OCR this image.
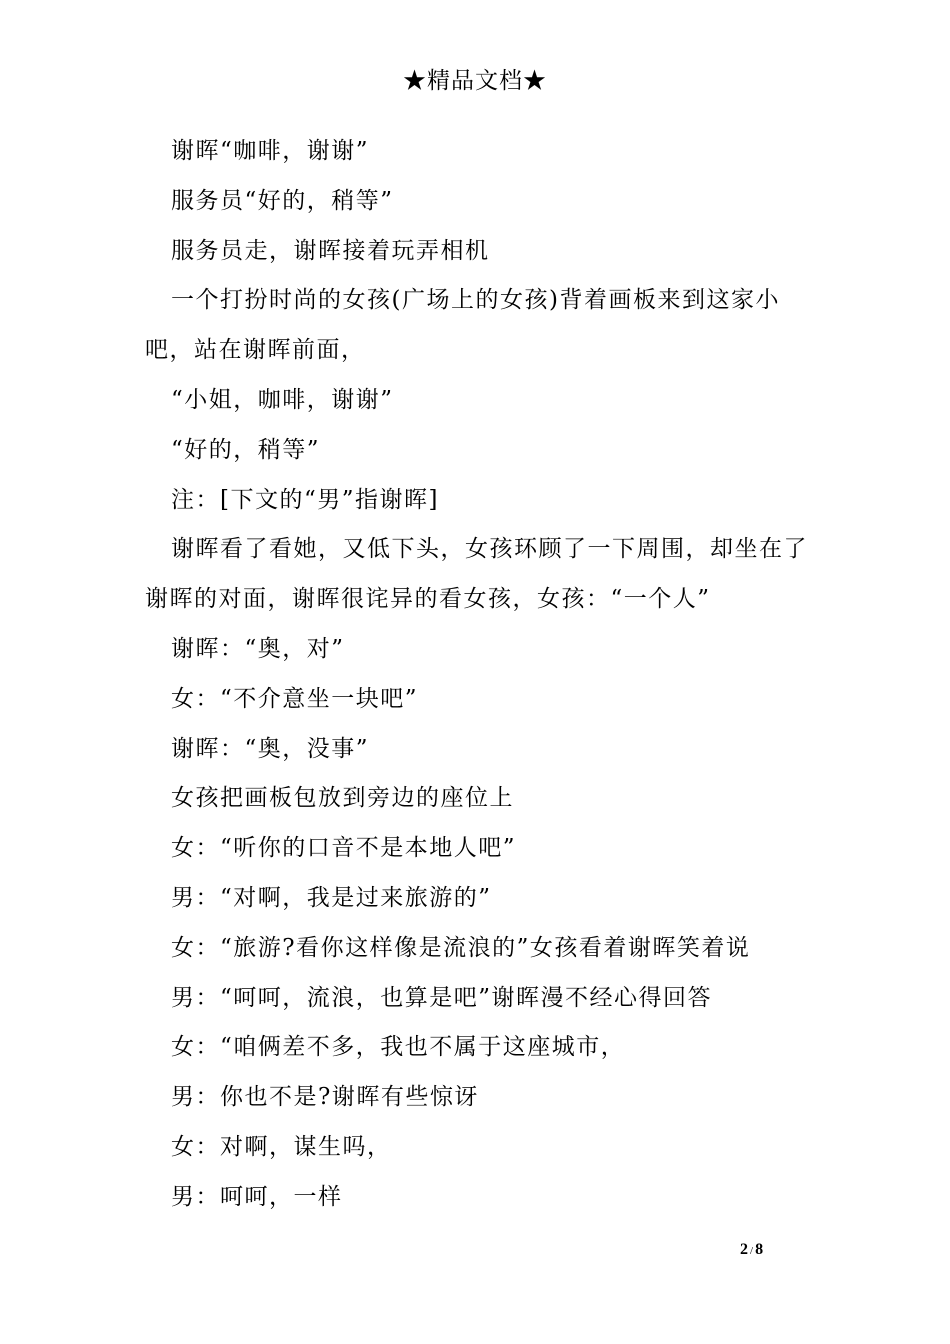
★精品文档★

谢晖“咖啡，谢谢”

服务员“好的，稍等”

服务员走，谢晖接着玩弄相机

一个打扮时尚的女孩(广场上的女孩)背着画板来到这家小吧，站在谢晖前面，

“小姐，咖啡，谢谢”

“好的，稍等”

注：[下文的“男”指谢晖]

谢晖看了看她，又低下头，女孩环顾了一下周围，却坐在了谢晖的对面，谢晖很诧异的看女孩，女孩：“一个人”

谢晖：“奥，对”

女：“不介意坐一块吧”

谢晖：“奥，没事”

女孩把画板包放到旁边的座位上

女：“听你的口音不是本地人吧”

男：“对啊，我是过来旅游的”

女：“旅游?看你这样像是流浪的”女孩看着谢晖笑着说

男：“呵呵，流浪，也算是吧”谢晖漫不经心得回答

女：“咱俩差不多，我也不属于这座城市，

男：你也不是?谢晖有些惊讶

女：对啊，谋生吗，

男：呵呵，一样

2 / 8
